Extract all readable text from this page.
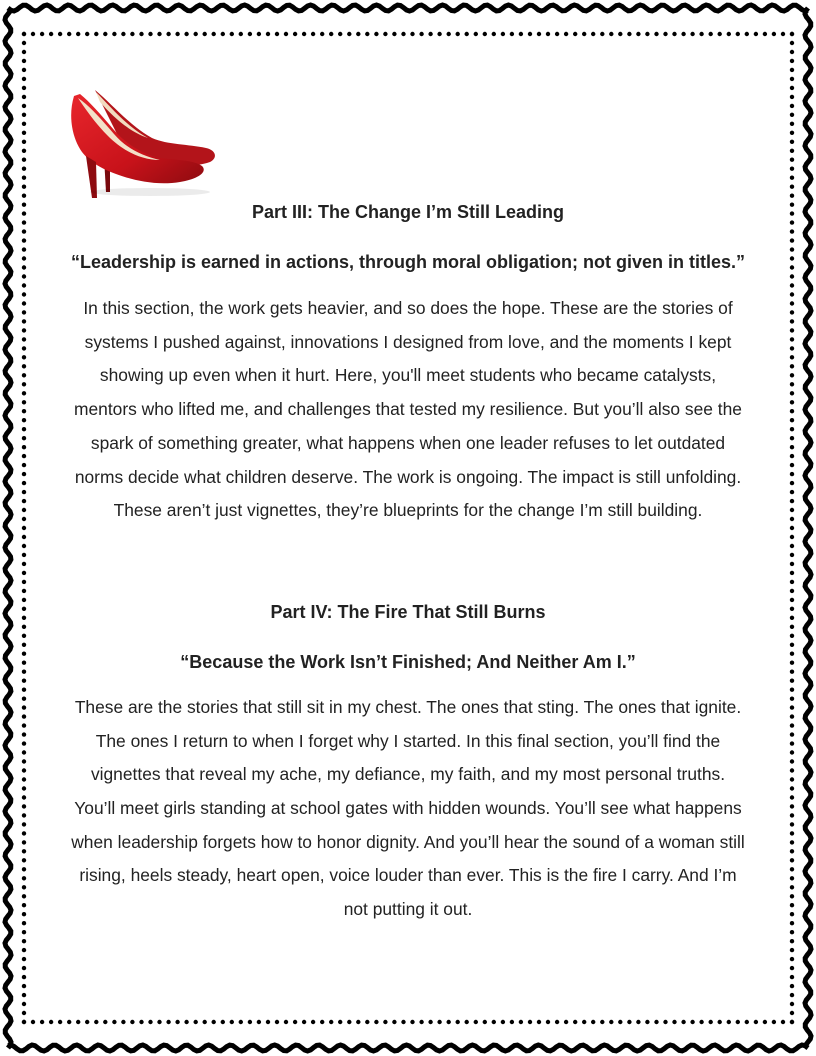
Part III: The Change I’m Still Leading

“Leadership is earned in actions, through moral obligation; not given in titles.”

In this section, the work gets heavier, and so does the hope. These are the stories of
systems I pushed against, innovations I designed from love, and the moments I kept
showing up even when it hurt. Here, you'll meet students who became catalysts,
mentors who lifted me, and challenges that tested my resilience. But you’ll also see the
spark of something greater, what happens when one leader refuses to let outdated
norms decide what children deserve. The work is ongoing. The impact is still unfolding.
These aren’t just vignettes, they’re blueprints for the change I’m still building.

Part IV: The Fire That Still Burns

“Because the Work Isn’t Finished; And Neither Am I.”

These are the stories that still sit in my chest. The ones that sting. The ones that ignite.
The ones I return to when I forget why I started. In this final section, you’ll find the
vignettes that reveal my ache, my defiance, my faith, and my most personal truths.
You’ll meet girls standing at school gates with hidden wounds. You’ll see what happens
when leadership forgets how to honor dignity. And you’ll hear the sound of a woman still
rising, heels steady, heart open, voice louder than ever. This is the fire I carry. And I’m
not putting it out.
